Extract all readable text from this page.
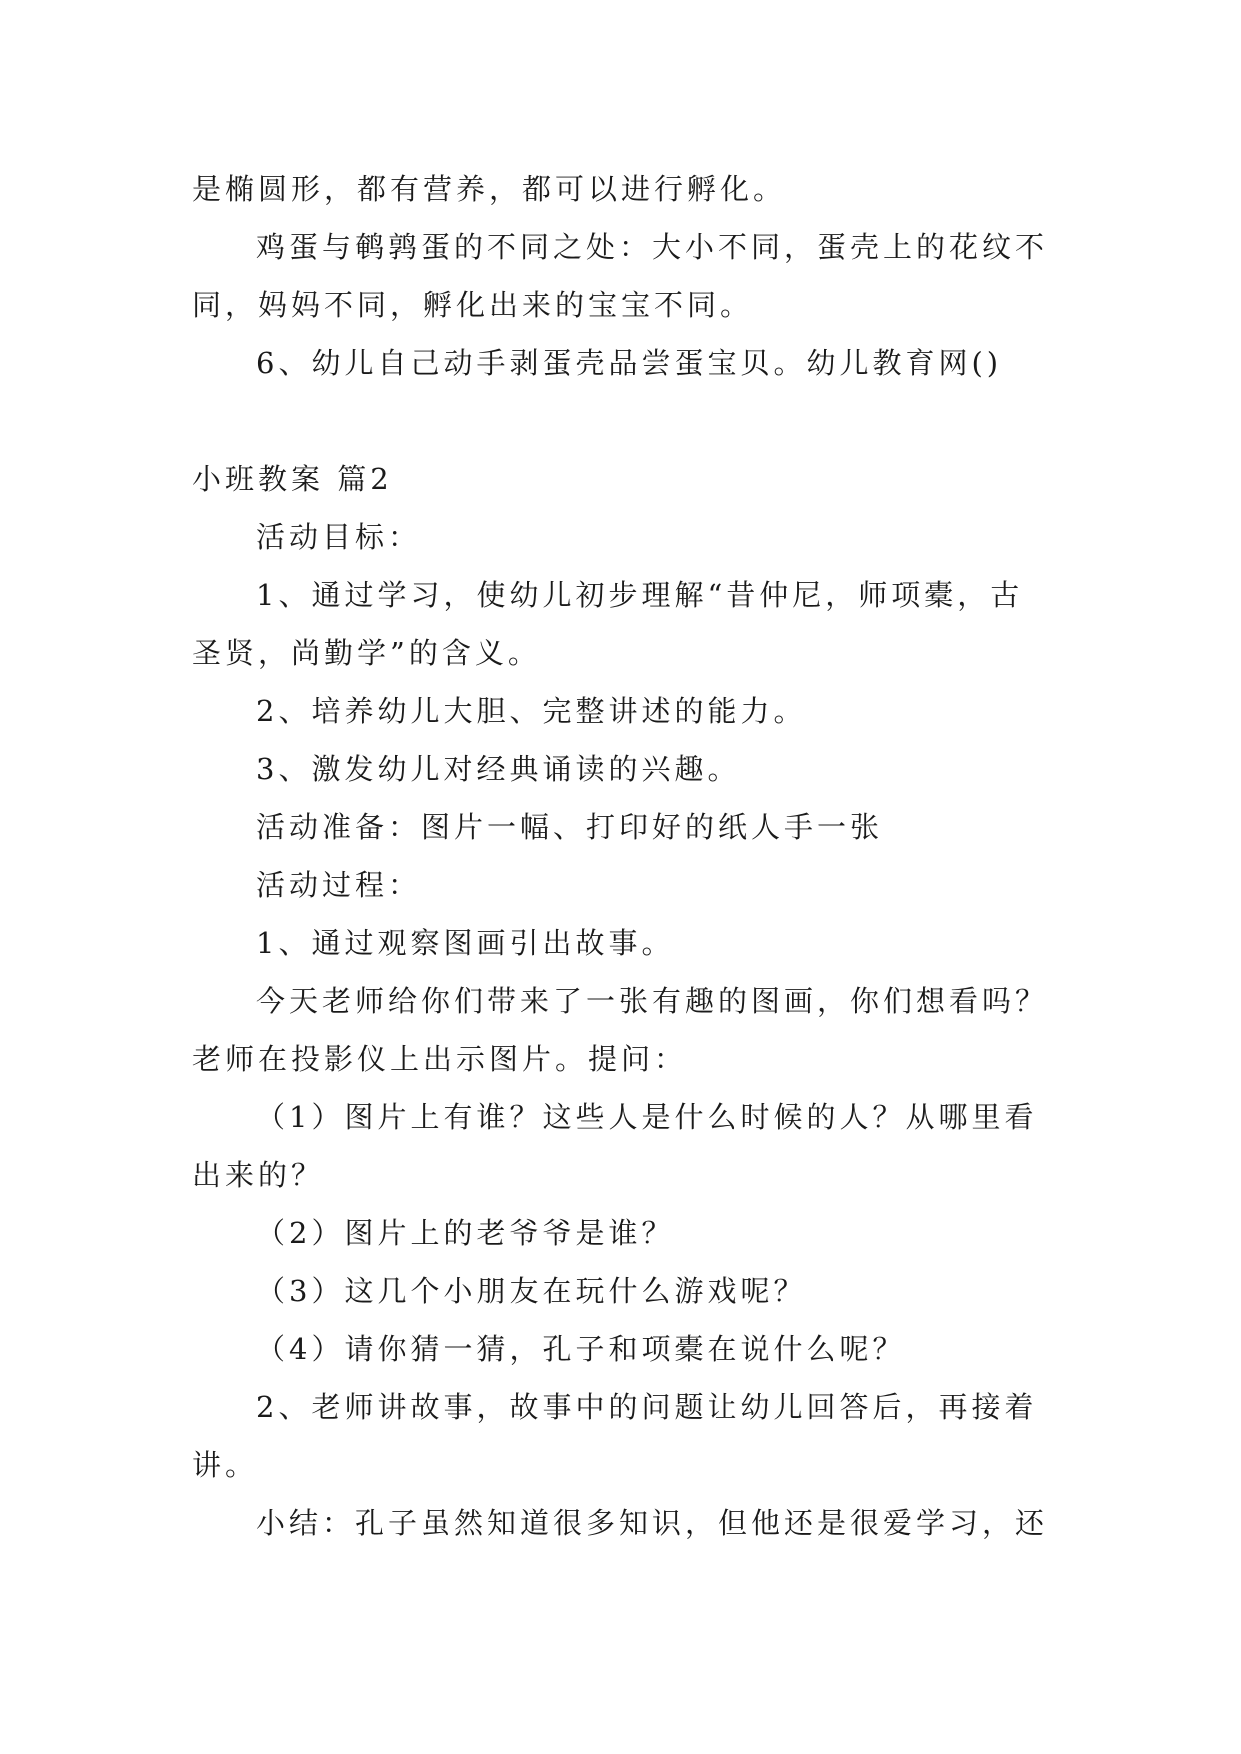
是椭圆形，都有营养，都可以进行孵化。
鸡蛋与鹌鹑蛋的不同之处：大小不同，蛋壳上的花纹不
同，妈妈不同，孵化出来的宝宝不同。
6、幼儿自己动手剥蛋壳品尝蛋宝贝。幼儿教育网()
小班教案 篇2
活动目标：
1、通过学习，使幼儿初步理解“昔仲尼，师项橐，古
圣贤，尚勤学”的含义。
2、培养幼儿大胆、完整讲述的能力。
3、激发幼儿对经典诵读的兴趣。
活动准备：图片一幅、打印好的纸人手一张
活动过程：
1、通过观察图画引出故事。
今天老师给你们带来了一张有趣的图画，你们想看吗？
老师在投影仪上出示图片。提问：
（1）图片上有谁？这些人是什么时候的人？从哪里看
出来的？
（2）图片上的老爷爷是谁？
（3）这几个小朋友在玩什么游戏呢？
（4）请你猜一猜，孔子和项橐在说什么呢？
2、老师讲故事，故事中的问题让幼儿回答后，再接着
讲。
小结：孔子虽然知道很多知识，但他还是很爱学习，还
